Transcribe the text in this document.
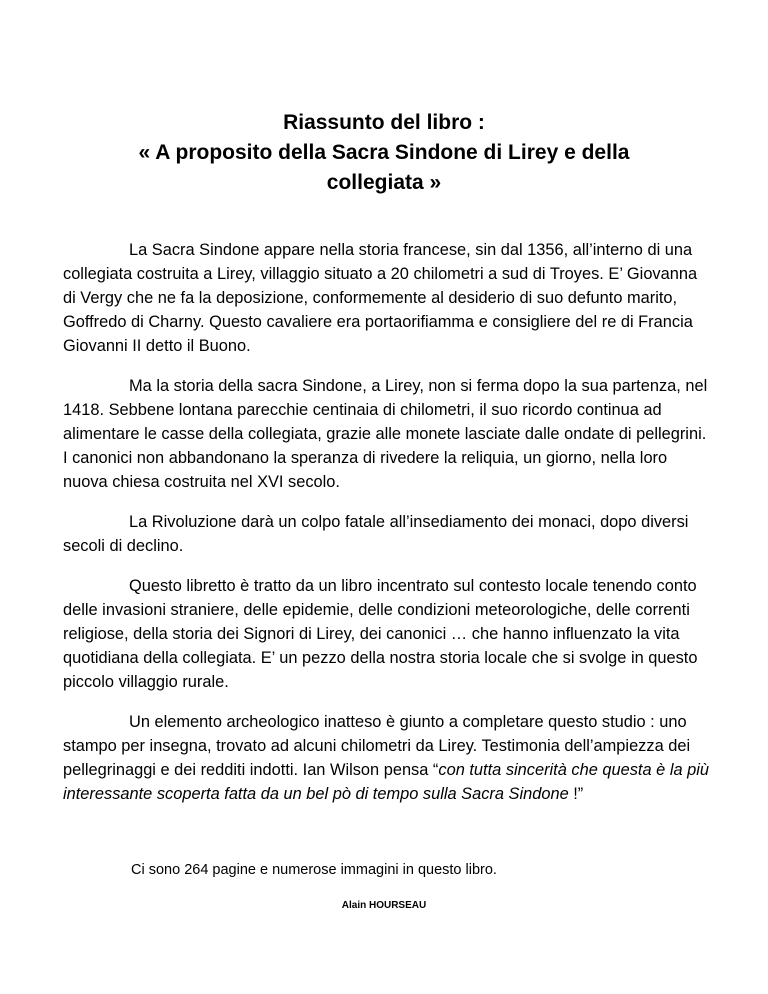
Riassunto del libro :
« A proposito della Sacra Sindone di Lirey e della
collegiata »

La Sacra Sindone appare nella storia francese, sin dal 1356, all’interno di una collegiata costruita a Lirey, villaggio situato a 20 chilometri a sud di Troyes. E’ Giovanna di Vergy che ne fa la deposizione, conformemente al desiderio di suo defunto marito, Goffredo di Charny. Questo cavaliere era portaorifiamma e consigliere del re di Francia Giovanni II detto il Buono.

Ma la storia della sacra Sindone, a Lirey, non si ferma dopo la sua partenza, nel 1418. Sebbene lontana parecchie centinaia di chilometri, il suo ricordo continua ad alimentare le casse della collegiata, grazie alle monete lasciate dalle ondate di pellegrini. I canonici non abbandonano la speranza di rivedere la reliquia, un giorno, nella loro nuova chiesa costruita nel XVI secolo.

La Rivoluzione darà un colpo fatale all’insediamento dei monaci, dopo diversi secoli di declino.

Questo libretto è tratto da un libro incentrato sul contesto locale tenendo conto delle invasioni straniere, delle epidemie, delle condizioni meteorologiche, delle correnti religiose, della storia dei Signori di Lirey, dei canonici … che hanno influenzato la vita quotidiana della collegiata. E’ un pezzo della nostra storia locale che si svolge in questo piccolo villaggio rurale.

Un elemento archeologico inatteso è giunto a completare questo studio : uno stampo per insegna, trovato ad alcuni chilometri da Lirey. Testimonia dell’ampiezza dei pellegrinaggi e dei redditi indotti. Ian Wilson pensa “con tutta sincerità che questa è la più interessante scoperta fatta da un bel pò di tempo sulla Sacra Sindone !”

Ci sono 264 pagine e numerose immagini in questo libro.

Alain HOURSEAU
